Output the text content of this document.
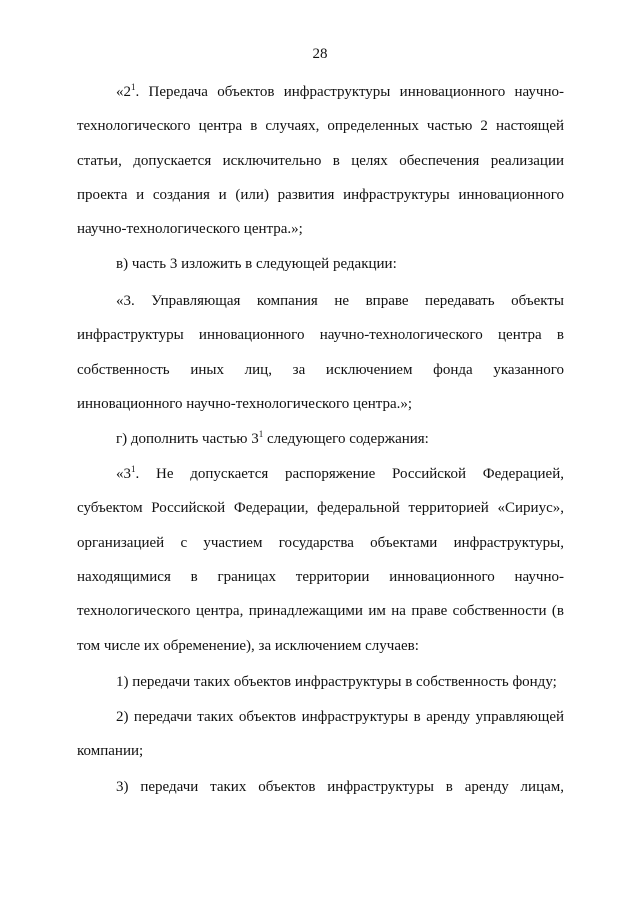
28
«$2^1$. Передача объектов инфраструктуры инновационного научно-
технологического центра в случаях, определенных частью 2 настоящей
статьи, допускается исключительно в целях обеспечения реализации
проекта и создания и (или) развития инфраструктуры инновационного
научно-технологического центра.»;
в) часть 3 изложить в следующей редакции:
«3. Управляющая компания не вправе передавать объекты
инфраструктуры инновационного научно-технологического центра в
собственность иных лиц, за исключением фонда указанного
инновационного научно-технологического центра.»;
г) дополнить частью $3^1$ следующего содержания:
«$3^1$. Не допускается распоряжение Российской Федерацией,
субъектом Российской Федерации, федеральной территорией «Сириус»,
организацией с участием государства объектами инфраструктуры,
находящимися в границах территории инновационного научно-
технологического центра, принадлежащими им на праве собственности (в
том числе их обременение), за исключением случаев:
1) передачи таких объектов инфраструктуры в собственность фонду;
2) передачи таких объектов инфраструктуры в аренду управляющей
компании;
3) передачи таких объектов инфраструктуры в аренду лицам,
